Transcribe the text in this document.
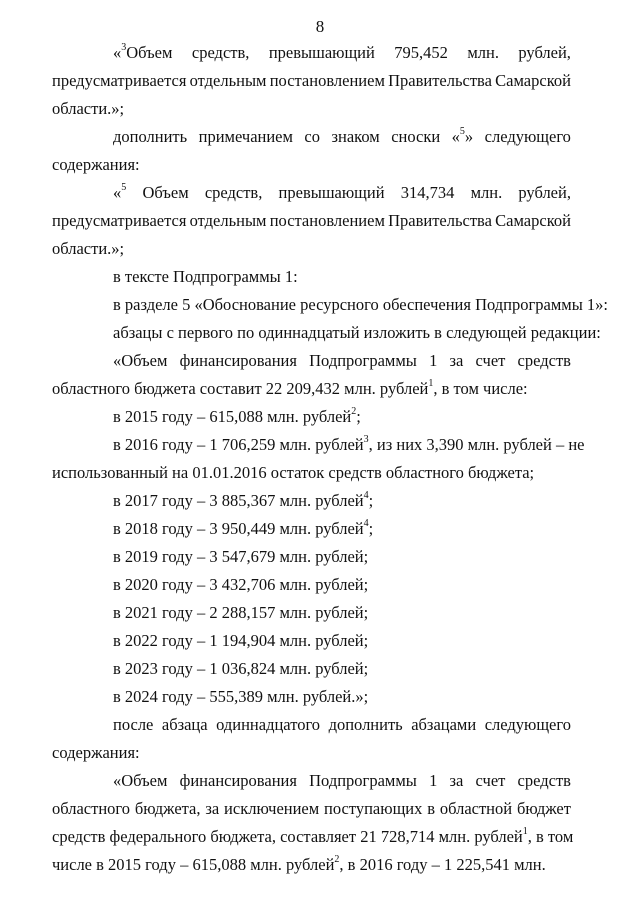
8
«$^3$Объем средств, превышающий 795,452 млн. рублей,
предусматривается отдельным постановлением Правительства Самарской
области.»;
дополнить примечанием со знаком сноски «$^5$» следующего
содержания:
«$^5$ Объем средств, превышающий 314,734 млн. рублей,
предусматривается отдельным постановлением Правительства Самарской
области.»;
в тексте Подпрограммы 1:
в разделе 5 «Обоснование ресурсного обеспечения Подпрограммы 1»:
абзацы с первого по одиннадцатый изложить в следующей редакции:
«Объем финансирования Подпрограммы 1 за счет средств
областного бюджета составит 22 209,432 млн. рублей$^1$, в том числе:
в 2015 году – 615,088 млн. рублей$^2$;
в 2016 году – 1 706,259 млн. рублей$^3$, из них 3,390 млн. рублей – не
использованный на 01.01.2016 остаток средств областного бюджета;
в 2017 году – 3 885,367 млн. рублей$^4$;
в 2018 году – 3 950,449 млн. рублей$^4$;
в 2019 году – 3 547,679 млн. рублей;
в 2020 году – 3 432,706 млн. рублей;
в 2021 году – 2 288,157 млн. рублей;
в 2022 году – 1 194,904 млн. рублей;
в 2023 году – 1 036,824 млн. рублей;
в 2024 году – 555,389 млн. рублей.»;
после абзаца одиннадцатого дополнить абзацами следующего
содержания:
«Объем финансирования Подпрограммы 1 за счет средств
областного бюджета, за исключением поступающих в областной бюджет
средств федерального бюджета, составляет 21 728,714 млн. рублей$^1$, в том
числе в 2015 году – 615,088 млн. рублей$^2$, в 2016 году – 1 225,541 млн.
